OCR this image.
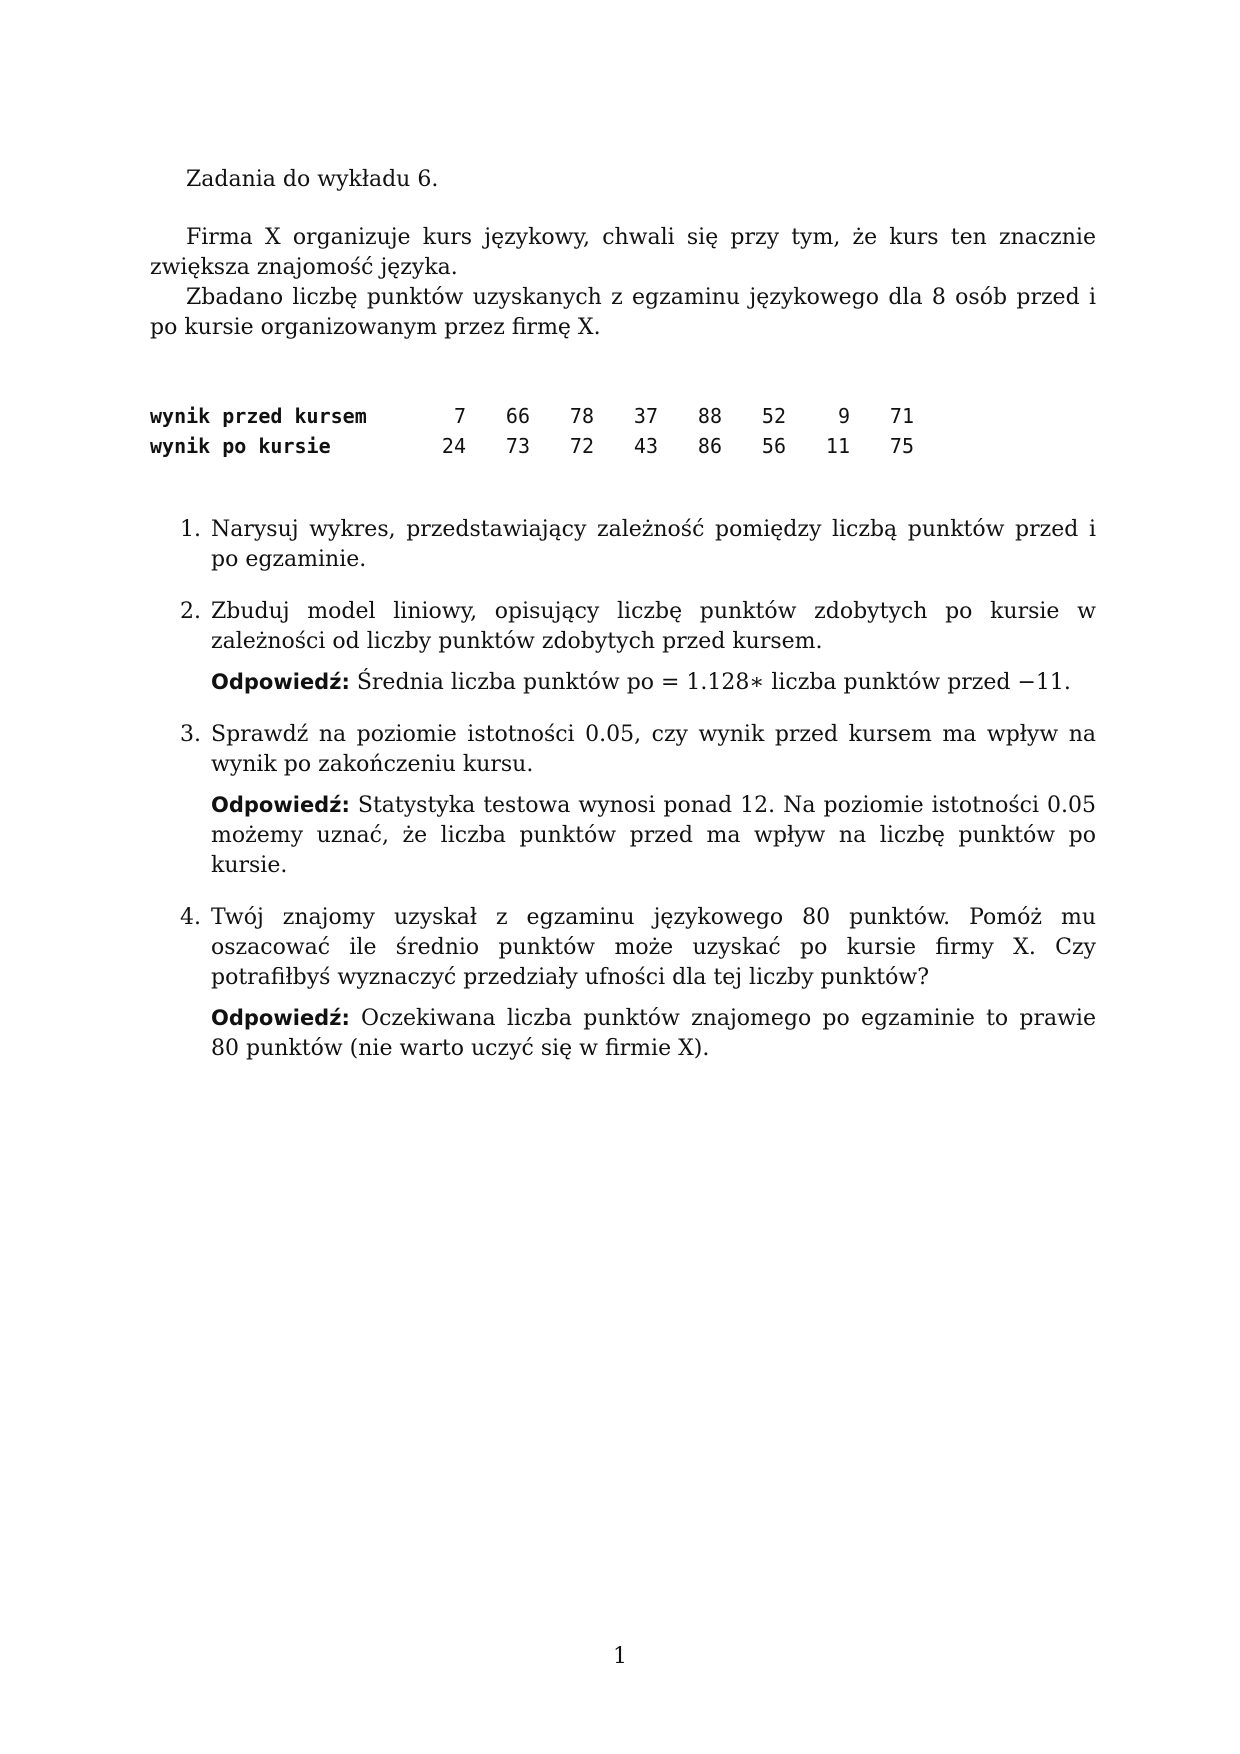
Zadania do wykładu 6.

Firma X organizuje kurs językowy, chwali się przy tym, że kurs ten znacznie zwiększa znajomość języka.

Zbadano liczbę punktów uzyskanych z egzaminu językowego dla 8 osób przed i po kursie organizowanym przez firmę X.

wynik przed kursem	7	66	78	37	88	52	9	71
wynik po kursie	24	73	72	43	86	56	11	75
1. Narysuj wykres, przedstawiający zależność pomiędzy liczbą punktów przed i po egzaminie.

2. Zbuduj model liniowy, opisujący liczbę punktów zdobytych po kursie w zależności od liczby punktów zdobytych przed kursem.

Odpowiedź: Średnia liczba punktów po = 1.128∗ liczba punktów przed −11.
3. Sprawdź na poziomie istotności 0.05, czy wynik przed kursem ma wpływ na wynik po zakończeniu kursu.

Odpowiedź: Statystyka testowa wynosi ponad 12. Na poziomie istotności 0.05 możemy uznać, że liczba punktów przed ma wpływ na liczbę punktów po kursie.
4. Twój znajomy uzyskał z egzaminu językowego 80 punktów. Pomóż mu oszacować ile średnio punktów może uzyskać po kursie firmy X. Czy potrafiłbyś wyznaczyć przedziały ufności dla tej liczby punktów?

Odpowiedź: Oczekiwana liczba punktów znajomego po egzaminie to prawie 80 punktów (nie warto uczyć się w firmie X).
1
